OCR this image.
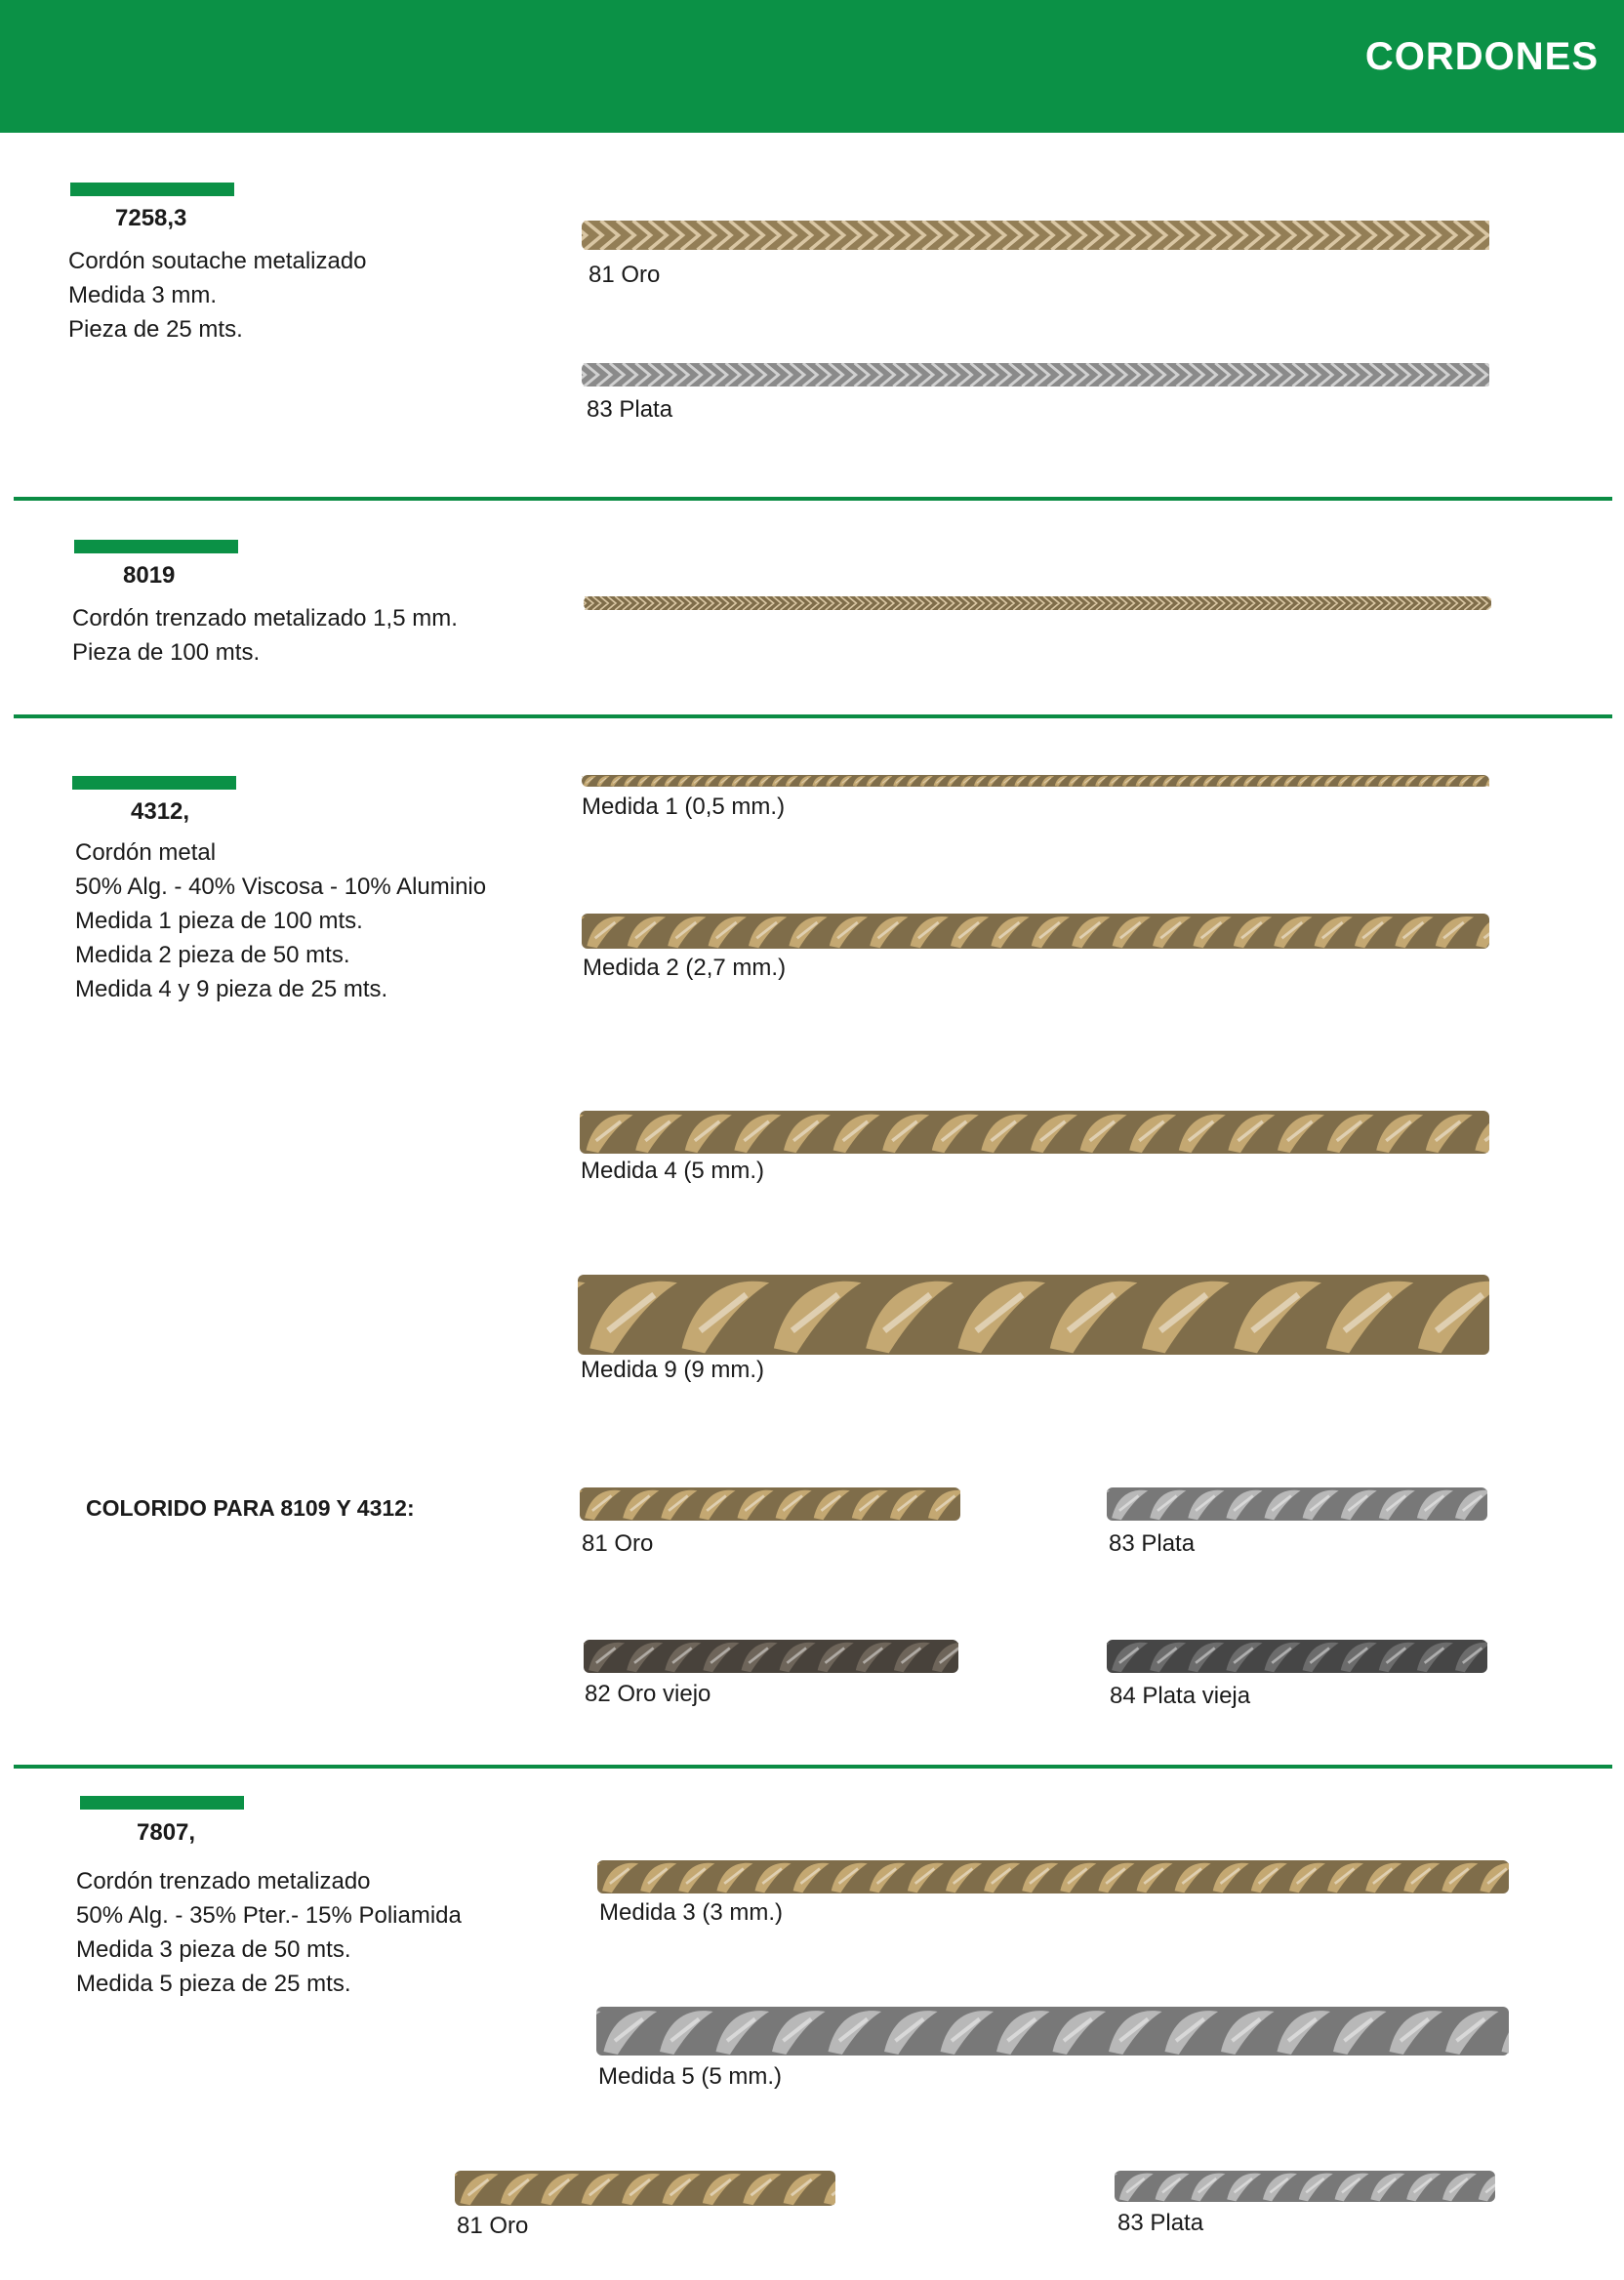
CORDONES
7258,3
Cordón soutache metalizado
Medida 3 mm.
Pieza de 25 mts.
81 Oro
83 Plata
8019
Cordón trenzado metalizado 1,5 mm.
Pieza de 100 mts.
4312,
Cordón metal
50% Alg. - 40% Viscosa - 10% Aluminio
Medida 1 pieza de 100 mts.
Medida 2 pieza de 50 mts.
Medida 4 y 9 pieza de 25 mts.
Medida 1 (0,5 mm.)
Medida 2 (2,7 mm.)
Medida 4 (5 mm.)
Medida 9 (9 mm.)
COLORIDO PARA 8109 Y 4312:
81 Oro	83 Plata
82 Oro viejo	84 Plata vieja
7807,
Cordón trenzado metalizado
50% Alg. - 35% Pter.- 15% Poliamida
Medida 3 pieza de 50 mts.
Medida 5 pieza de 25 mts.
Medida 3 (3 mm.)
Medida 5 (5 mm.)
81 Oro	83 Plata
